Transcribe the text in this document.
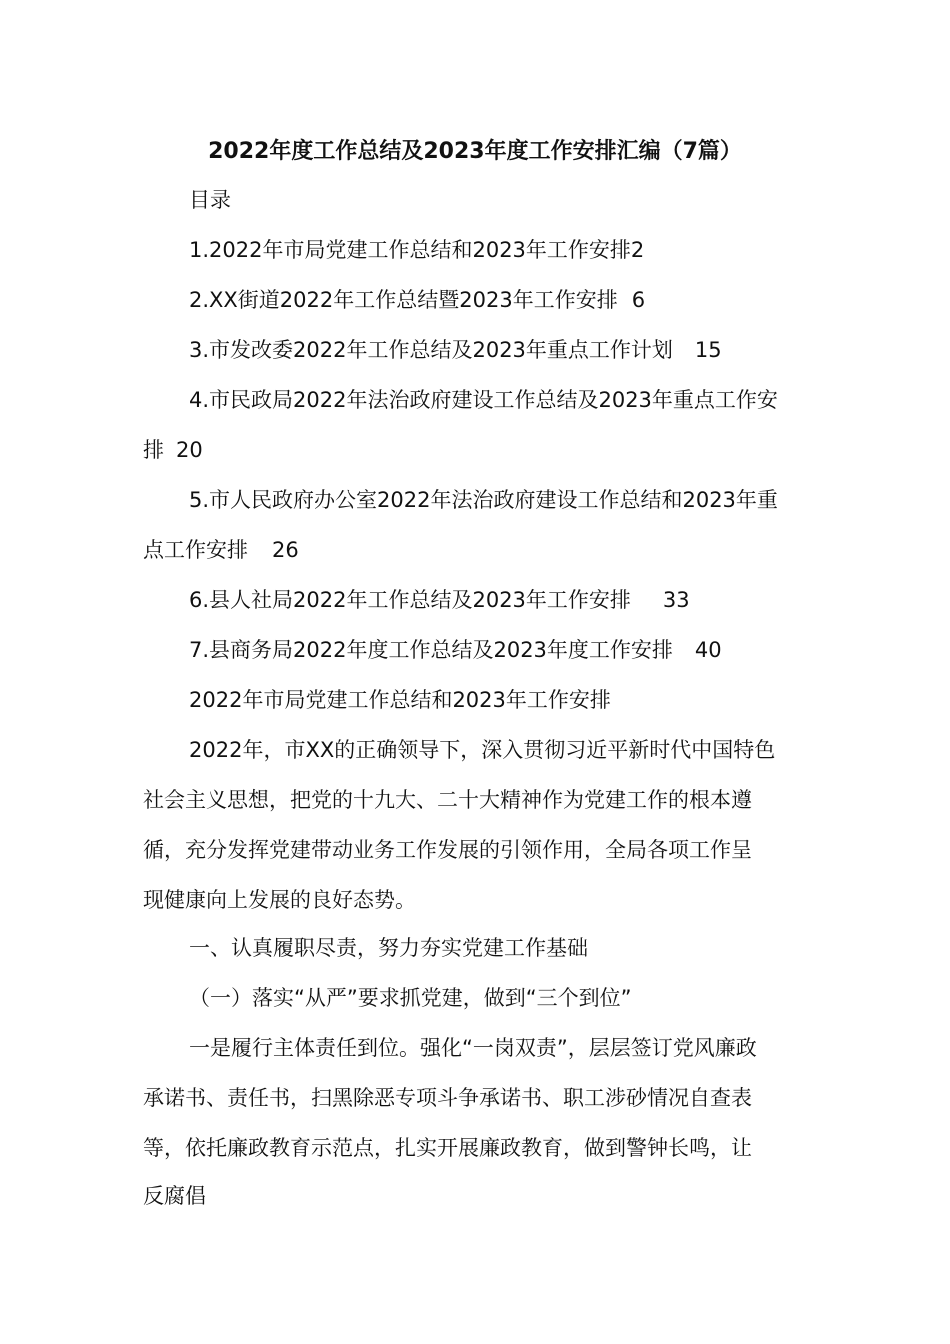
2022年度工作总结及2023年度工作安排汇编（7篇）
目录
1.2022年市局党建工作总结和2023年工作安排2
2.XX街道2022年工作总结暨2023年工作安排 6
3.市发改委2022年工作总结及2023年重点工作计划 15
4.市民政局2022年法治政府建设工作总结及2023年重点工作安
排 20
5.市人民政府办公室2022年法治政府建设工作总结和2023年重
点工作安排 26
6.县人社局2022年工作总结及2023年工作安排 33
7.县商务局2022年度工作总结及2023年度工作安排 40
2022年市局党建工作总结和2023年工作安排
2022年，市XX的正确领导下，深入贯彻习近平新时代中国特色
社会主义思想，把党的十九大、二十大精神作为党建工作的根本遵
循，充分发挥党建带动业务工作发展的引领作用，全局各项工作呈
现健康向上发展的良好态势。
一、认真履职尽责，努力夯实党建工作基础
（一）落实“从严”要求抓党建，做到“三个到位”
一是履行主体责任到位。强化“一岗双责”，层层签订党风廉政
承诺书、责任书，扫黑除恶专项斗争承诺书、职工涉砂情况自查表
等，依托廉政教育示范点，扎实开展廉政教育，做到警钟长鸣，让
反腐倡
